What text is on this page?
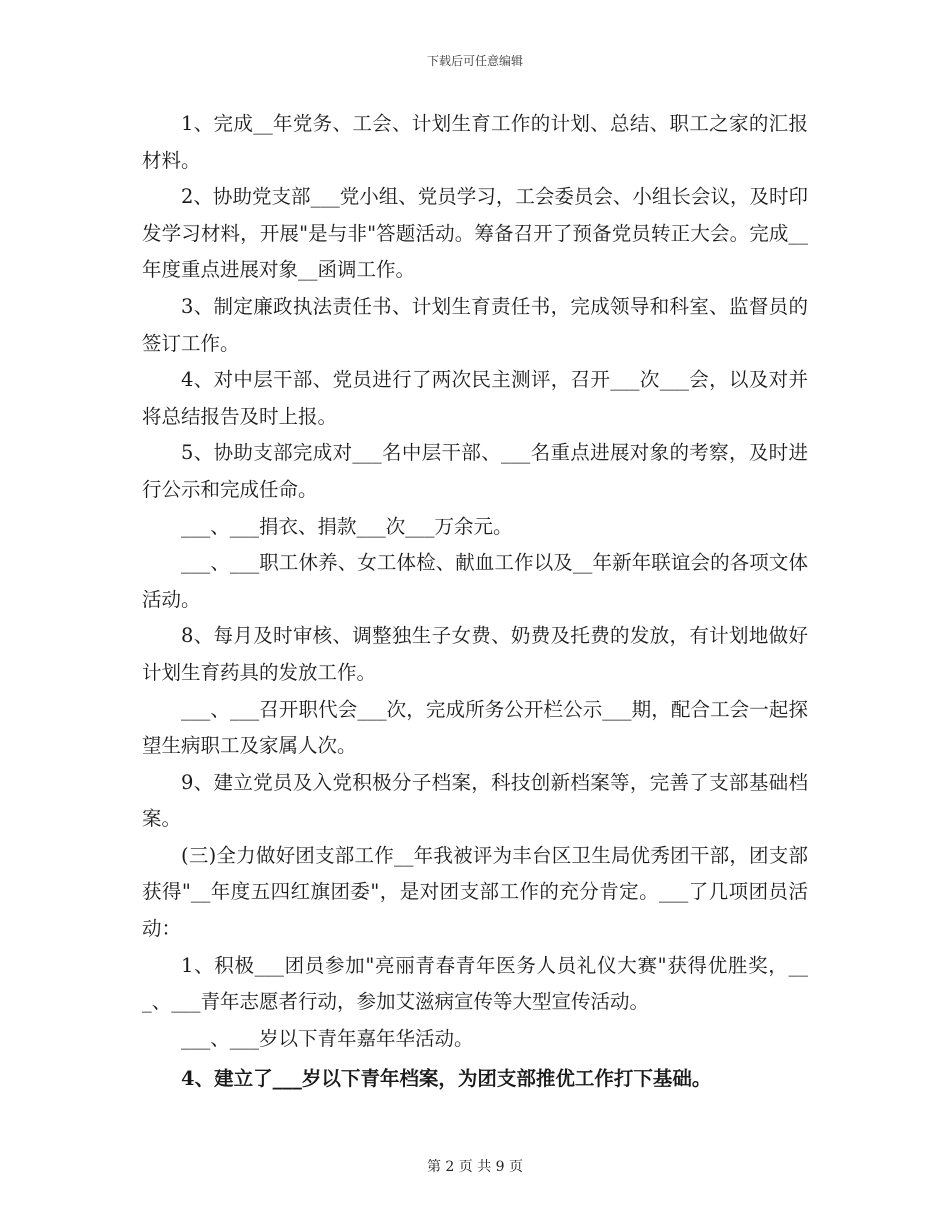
下载后可任意编辑

1、完成__年党务、工会、计划生育工作的计划、总结、职工之家的汇报材料。

2、协助党支部___党小组、党员学习，工会委员会、小组长会议，及时印发学习材料，开展"是与非"答题活动。筹备召开了预备党员转正大会。完成__年度重点进展对象__函调工作。

3、制定廉政执法责任书、计划生育责任书，完成领导和科室、监督员的签订工作。

4、对中层干部、党员进行了两次民主测评，召开___次___会，以及对并将总结报告及时上报。

5、协助支部完成对___名中层干部、___名重点进展对象的考察，及时进行公示和完成任命。

___、___捐衣、捐款___次___万余元。

___、___职工休养、女工体检、献血工作以及__年新年联谊会的各项文体活动。

8、每月及时审核、调整独生子女费、奶费及托费的发放，有计划地做好计划生育药具的发放工作。

___、___召开职代会___次，完成所务公开栏公示___期，配合工会一起探望生病职工及家属人次。

9、建立党员及入党积极分子档案，科技创新档案等，完善了支部基础档案。

(三)全力做好团支部工作__年我被评为丰台区卫生局优秀团干部，团支部获得"__年度五四红旗团委"，是对团支部工作的充分肯定。___了几项团员活动：

1、积极___团员参加"亮丽青春青年医务人员礼仪大赛"获得优胜奖，___、___青年志愿者行动，参加艾滋病宣传等大型宣传活动。

___、___岁以下青年嘉年华活动。

4、建立了___岁以下青年档案，为团支部推优工作打下基础。

第 2 页 共 9 页
